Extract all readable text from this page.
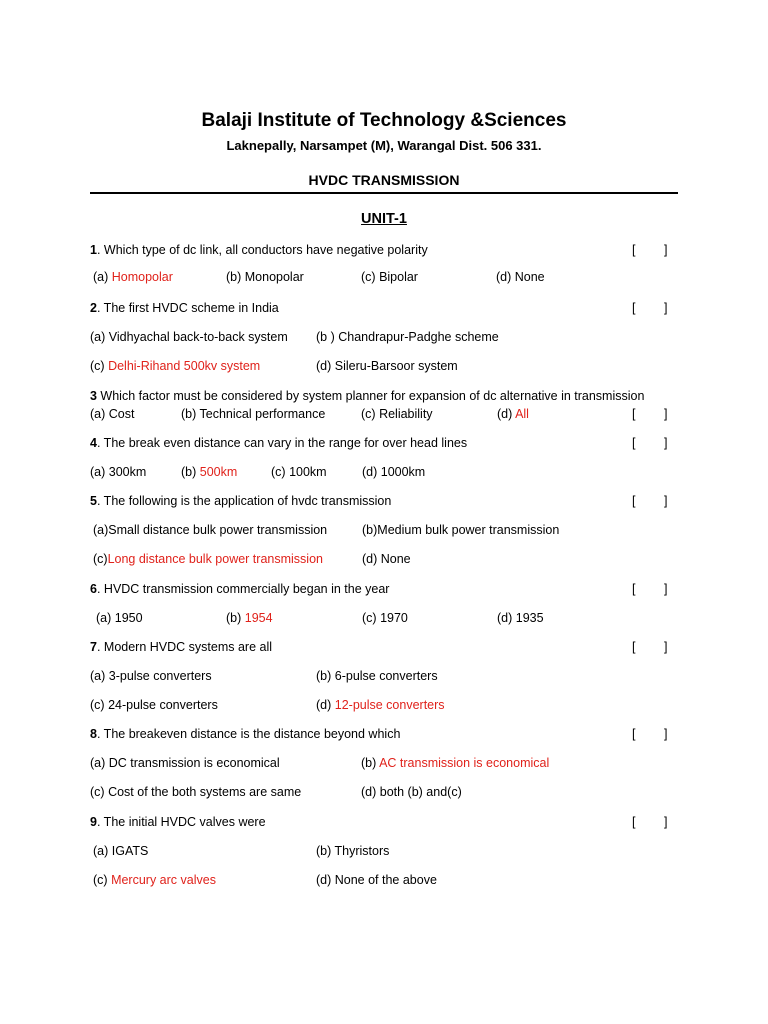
Balaji Institute of Technology &Sciences
Laknepally, Narsampet (M), Warangal Dist. 506 331.
HVDC TRANSMISSION
UNIT-1
1. Which type of dc link, all conductors have negative polarity	[ ]
(a) Homopolar	(b) Monopolar	(c) Bipolar	(d) None
2. The first HVDC scheme in India	[ ]
(a) Vidhyachal back-to-back system (b ) Chandrapur-Padghe scheme
(c) Delhi-Rihand 500kv system	(d) Sileru-Barsoor system
3 Which factor must be considered by system planner for expansion of dc alternative in transmission
[ ]
(a) Cost	(b) Technical performance	(c) Reliability	(d) All
4. The break even distance can vary in the range for over head lines	[ ]
(a) 300km	(b) 500km	(c) 100km	(d) 1000km
5. The following is the application of hvdc transmission	[ ]
(a)Small distance bulk power transmission	(b)Medium bulk power transmission
(c)Long distance bulk power transmission	(d) None
6. HVDC transmission commercially began in the year	[ ]
(a) 1950	(b) 1954	(c) 1970	(d) 1935
7. Modern HVDC systems are all	[ ]
(a) 3-pulse converters	(b) 6-pulse converters
(c) 24-pulse converters	(d) 12-pulse converters
8. The breakeven distance is the distance beyond which	[ ]
(a) DC transmission is economical	(b) AC transmission is economical
(c) Cost of the both systems are same	(d) both (b) and(c)
9. The initial HVDC valves were	[ ]
(a) IGATS	(b) Thyristors
(c) Mercury arc valves	(d) None of the above
